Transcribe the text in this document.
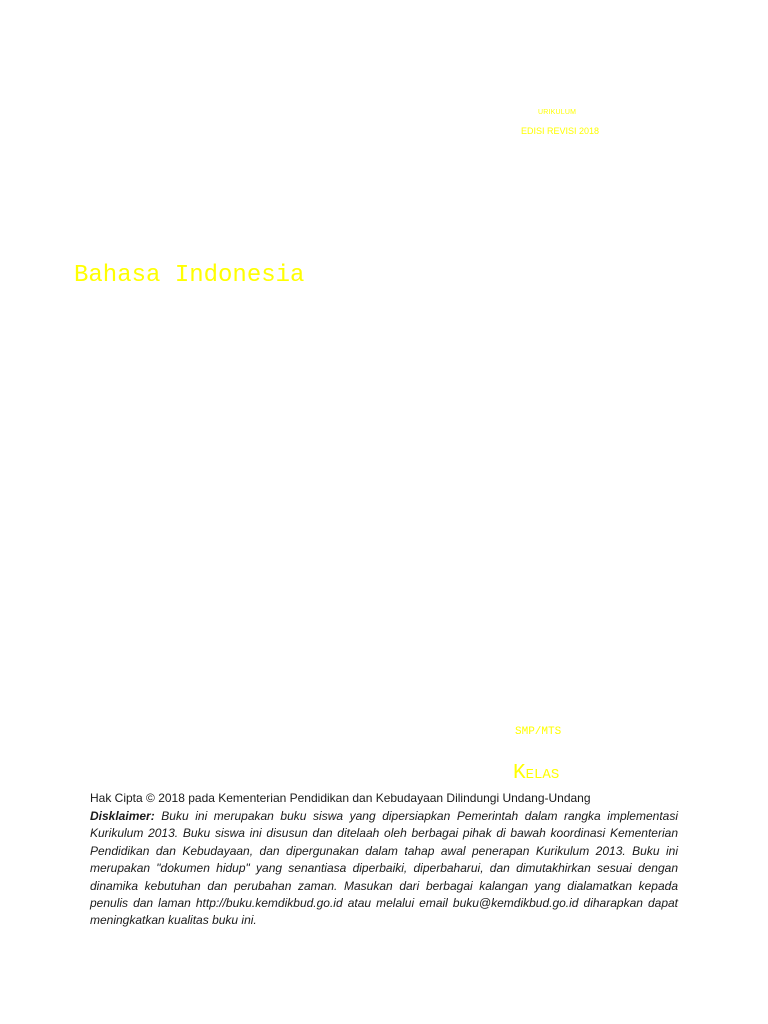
URIKULUM
EDISI REVISI 2018
Bahasa Indonesia
SMP/MTS
KELAS
Hak Cipta © 2018 pada Kementerian Pendidikan dan Kebudayaan Dilindungi Undang-Undang
Disklaimer: Buku ini merupakan buku siswa yang dipersiapkan Pemerintah dalam rangka implementasi Kurikulum 2013. Buku siswa ini disusun dan ditelaah oleh berbagai pihak di bawah koordinasi Kementerian Pendidikan dan Kebudayaan, dan dipergunakan dalam tahap awal penerapan Kurikulum 2013. Buku ini merupakan "dokumen hidup" yang senantiasa diperbaiki, diperbaharui, dan dimutakhirkan sesuai dengan dinamika kebutuhan dan perubahan zaman. Masukan dari berbagai kalangan yang dialamatkan kepada penulis dan laman http://buku.kemdikbud.go.id atau melalui email buku@kemdikbud.go.id diharapkan dapat meningkatkan kualitas buku ini.
